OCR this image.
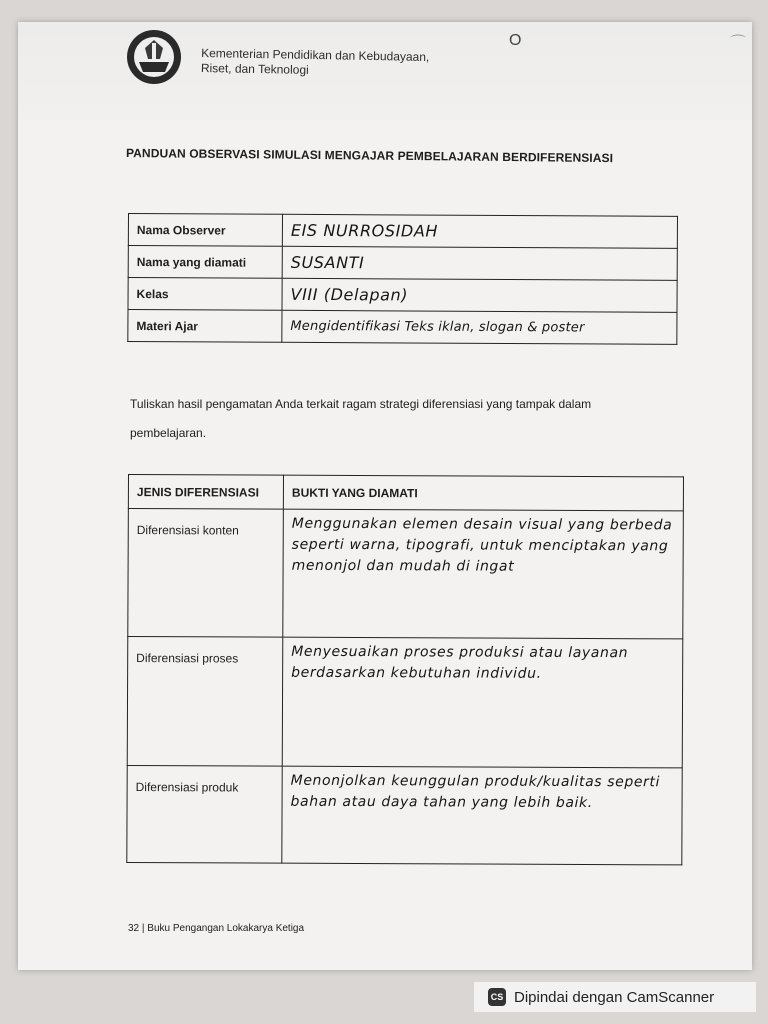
Kementerian Pendidikan dan Kebudayaan,
Riset, dan Teknologi
O	⌒
PANDUAN OBSERVASI SIMULASI MENGAJAR PEMBELAJARAN BERDIFERENSIASI
Nama Observer	EIS NURROSIDAH
Nama yang diamati	SUSANTI
Kelas	VIII (Delapan)
Materi Ajar	Mengidentifikasi Teks iklan, slogan & poster
Tuliskan hasil pengamatan Anda terkait ragam strategi diferensiasi yang tampak dalam pembelajaran.
JENIS DIFERENSIASI	BUKTI YANG DIAMATI
Diferensiasi konten	Menggunakan elemen desain visual yang berbeda seperti warna, tipografi, untuk menciptakan yang menonjol dan mudah di ingat
Diferensiasi proses	Menyesuaikan proses produksi atau layanan berdasarkan kebutuhan individu.
Diferensiasi produk	Menonjolkan keunggulan produk/kualitas seperti bahan atau daya tahan yang lebih baik.
32 | Buku Pengangan Lokakarya Ketiga
CS Dipindai dengan CamScanner
